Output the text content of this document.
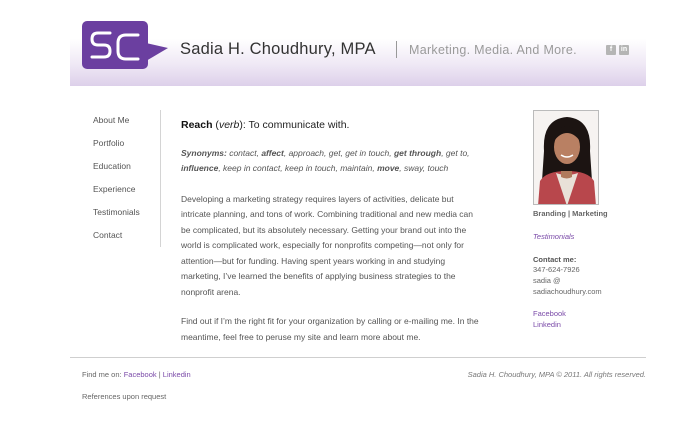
Sadia H. Choudhury, MPA	Marketing. Media. And More.	f	in
About Me
Portfolio
Education
Experience
Testimonials
Contact
Reach (verb): To communicate with.
Synonyms: contact, affect, approach, get, get in touch, get through, get to, influence, keep in contact, keep in touch, maintain, move, sway, touch

Developing a marketing strategy requires layers of activities, delicate but intricate planning, and tons of work. Combining traditional and new media can be complicated, but its absolutely necessary. Getting your brand out into the world is complicated work, especially for nonprofits competing—not only for attention—but for funding. Having spent years working in and studying marketing, I’ve learned the benefits of applying business strategies to the nonprofit arena.

Find out if I’m the right fit for your organization by calling or e-mailing me. In the meantime, feel free to peruse my site and learn more about me.

Branding | Marketing
Testimonials
Contact me:
347-624-7926
sadia @
sadiachoudhury.com
Facebook
Linkedin
Find me on: Facebook | Linkedin	Sadia H. Choudhury, MPA © 2011. All rights reserved.
References upon request
